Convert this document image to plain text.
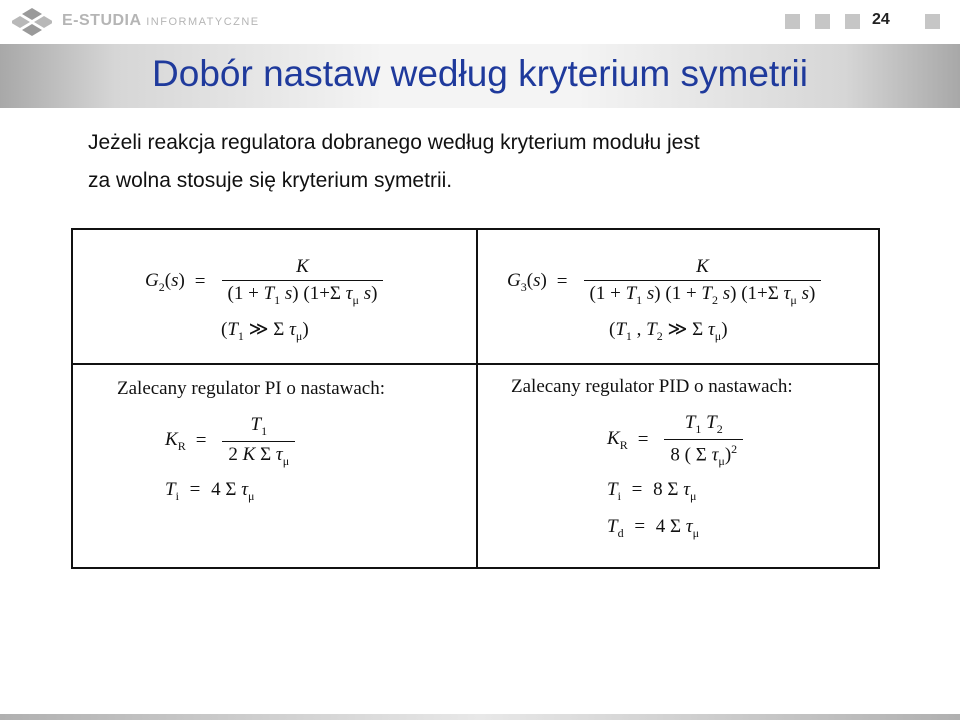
E-STUDIA INFORMATYCZNE	24
Dobór nastaw według kryterium symetrii

Jeżeli reakcja regulatora dobranego według kryterium modułu jest

za wolna stosuje się kryterium symetrii.

$G_2(s) = \frac{K}{(1 + T_1 s) (1+\Sigma \tau_\mu s)}$
($T_1$ ≫ Σ $\tau_\mu$)
$G_3(s) = \frac{K}{(1 + T_1 s) (1 + T_2 s) (1+\Sigma \tau_\mu s)}$
($T_1$ , $T_2$ ≫ Σ $\tau_\mu$)
Zalecany regulator PI o nastawach:
$K_R = \frac{T_1}{2 K \Sigma \tau_\mu}$
$T_i = 4$ Σ $\tau_\mu$
Zalecany regulator PID o nastawach:
$K_R = \frac{T_1 T_2}{8 ( \Sigma \tau_\mu)^2}$
$T_i = 8$ Σ $\tau_\mu$
$T_d = 4$ Σ $\tau_\mu$
